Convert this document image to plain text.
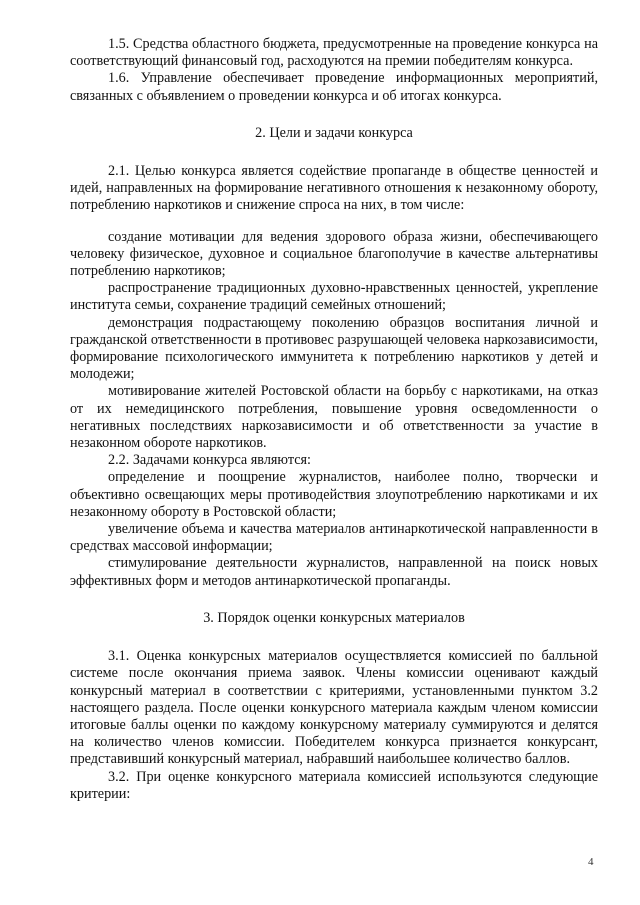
1.5. Средства областного бюджета, предусмотренные на проведение конкурса на соответствующий финансовый год, расходуются на премии победителям конкурса.

1.6. Управление обеспечивает проведение информационных мероприятий, связанных с объявлением о проведении конкурса и об итогах конкурса.

2. Цели и задачи конкурса

2.1. Целью конкурса является содействие пропаганде в обществе ценностей и идей, направленных на формирование негативного отношения к незаконному обороту, потреблению наркотиков и снижение спроса на них, в том числе:

создание мотивации для ведения здорового образа жизни, обеспечивающего человеку физическое, духовное и социальное благополучие в качестве альтернативы потреблению наркотиков;

распространение традиционных духовно-нравственных ценностей, укрепление института семьи, сохранение традиций семейных отношений;

демонстрация подрастающему поколению образцов воспитания личной и гражданской ответственности в противовес разрушающей человека наркозависимости, формирование психологического иммунитета к потреблению наркотиков у детей и молодежи;

мотивирование жителей Ростовской области на борьбу с наркотиками, на отказ от их немедицинского потребления, повышение уровня осведомленности о негативных последствиях наркозависимости и об ответственности за участие в незаконном обороте наркотиков.

2.2. Задачами конкурса являются:

определение и поощрение журналистов, наиболее полно, творчески и объективно освещающих меры противодействия злоупотреблению наркотиками и их незаконному обороту в Ростовской области;

увеличение объема и качества материалов антинаркотической направленности в средствах массовой информации;

стимулирование деятельности журналистов, направленной на поиск новых эффективных форм и методов антинаркотической пропаганды.

3. Порядок оценки конкурсных материалов

3.1. Оценка конкурсных материалов осуществляется комиссией по балльной системе после окончания приема заявок. Члены комиссии оценивают каждый конкурсный материал в соответствии с критериями, установленными пунктом 3.2 настоящего раздела. После оценки конкурсного материала каждым членом комиссии итоговые баллы оценки по каждому конкурсному материалу суммируются и делятся на количество членов комиссии. Победителем конкурса признается конкурсант, представивший конкурсный материал, набравший наибольшее количество баллов.

3.2. При оценке конкурсного материала комиссией используются следующие критерии:

4
